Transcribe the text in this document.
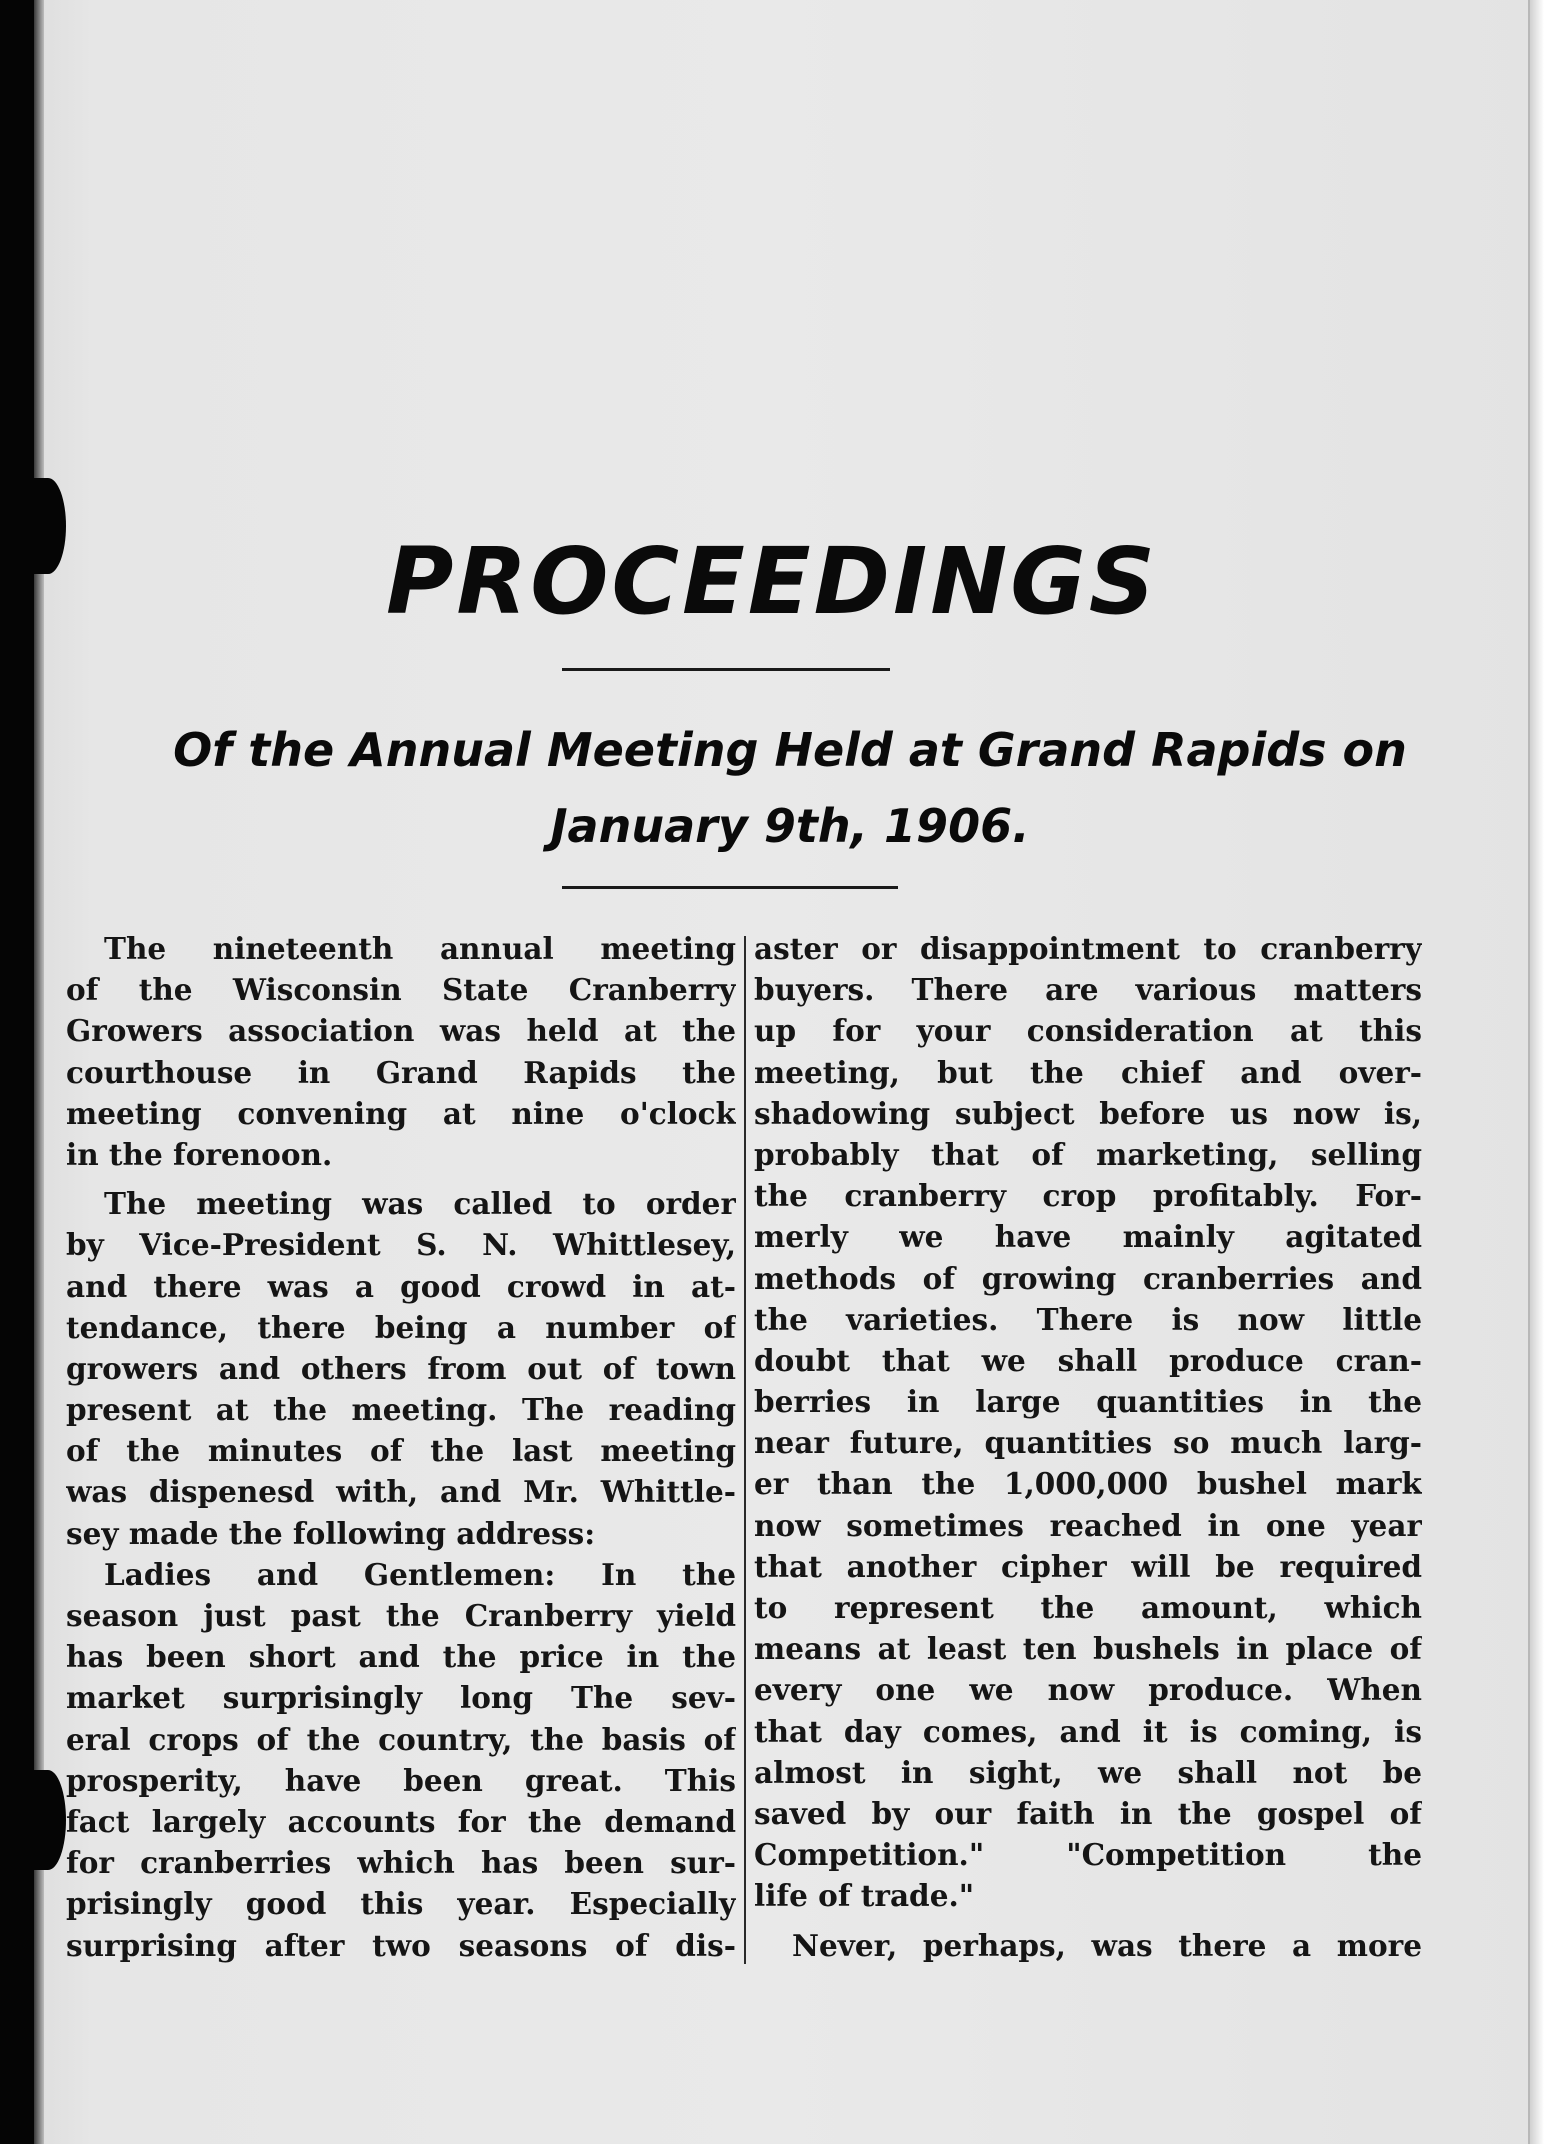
PROCEEDINGS
Of the Annual Meeting Held at Grand Rapids on
January 9th, 1906.
The nineteenth annual meeting
of the Wisconsin State Cranberry
Growers association was held at the
courthouse in Grand Rapids the
meeting convening at nine o'clock
in the forenoon.
The meeting was called to order
by Vice-President S. N. Whittlesey,
and there was a good crowd in at-
tendance, there being a number of
growers and others from out of town
present at the meeting. The reading
of the minutes of the last meeting
was dispenesd with, and Mr. Whittle-
sey made the following address:
Ladies and Gentlemen: In the
season just past the Cranberry yield
has been short and the price in the
market surprisingly long The sev-
eral crops of the country, the basis of
prosperity, have been great. This
fact largely accounts for the demand
for cranberries which has been sur-
prisingly good this year. Especially
surprising after two seasons of dis-
aster or disappointment to cranberry
buyers. There are various matters
up for your consideration at this
meeting, but the chief and over-
shadowing subject before us now is,
probably that of marketing, selling
the cranberry crop profitably. For-
merly we have mainly agitated
methods of growing cranberries and
the varieties. There is now little
doubt that we shall produce cran-
berries in large quantities in the
near future, quantities so much larg-
er than the 1,000,000 bushel mark
now sometimes reached in one year
that another cipher will be required
to represent the amount, which
means at least ten bushels in place of
every one we now produce. When
that day comes, and it is coming, is
almost in sight, we shall not be
saved by our faith in the gospel of
Competition." "Competition the
life of trade."
Never, perhaps, was there a more
